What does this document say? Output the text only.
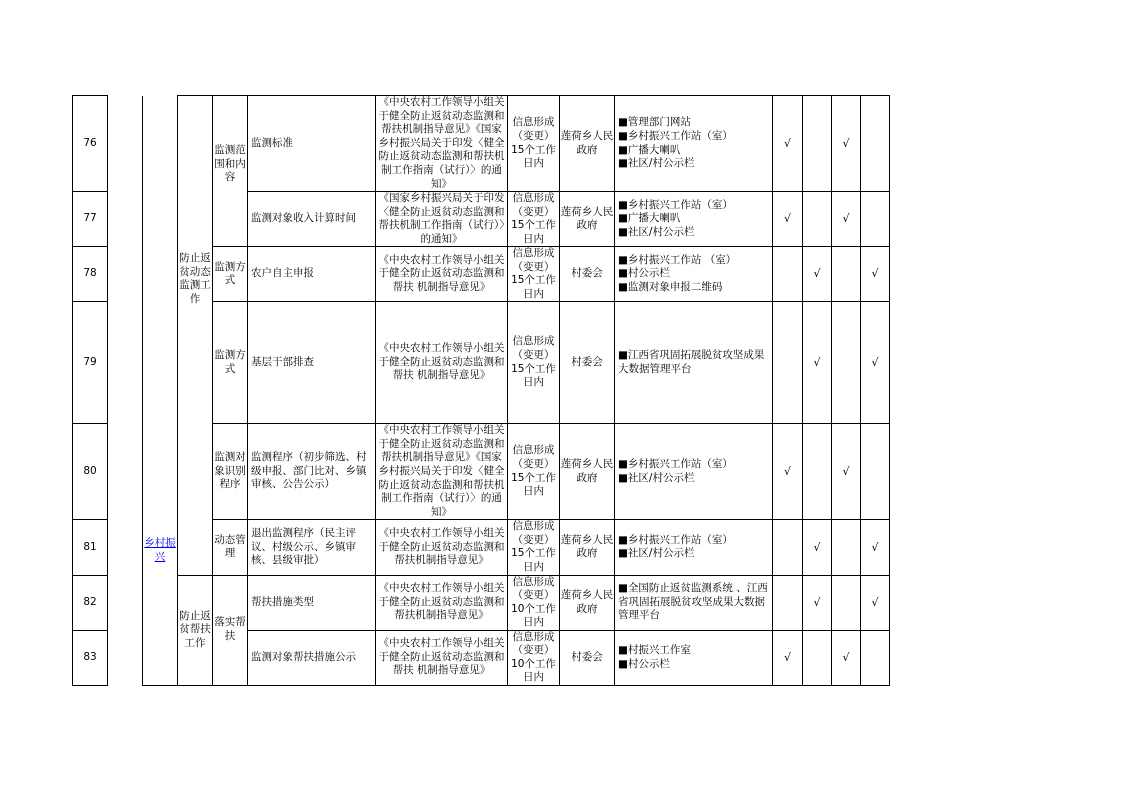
76		乡村振兴	防止返贫动态监测工作	监测范围和内容	监测标准	《中央农村工作领导小组关于健全防止返贫动态监测和帮扶机制指导意见》《国家乡村振兴局关于印发〈健全防止返贫动态监测和帮扶机制工作指南（试行）〉的通知》	信息形成（变更）15个工作日内	莲荷乡人民政府	■管理部门网站
■乡村振兴工作站（室）
■广播大喇叭
■社区/村公示栏	√		√	
77					监测对象收入计算时间	《国家乡村振兴局关于印发〈健全防止返贫动态监测和帮扶机制工作指南（试行）〉的通知》	信息形成（变更）15个工作日内	莲荷乡人民政府	■乡村振兴工作站（室）
■广播大喇叭
■社区/村公示栏	√		√	
78				监测方式	农户自主申报	《中央农村工作领导小组关于健全防止返贫动态监测和帮扶 机制指导意见》	信息形成（变更）15个工作日内	村委会	■乡村振兴工作站 （室）
■村公示栏
■监测对象申报二维码		√		√
79				监测方式	基层干部排查	《中央农村工作领导小组关于健全防止返贫动态监测和帮扶 机制指导意见》	信息形成（变更）15个工作日内	村委会	■江西省巩固拓展脱贫攻坚成果大数据管理平台		√		√
80				监测对象识别程序	监测程序（初步筛选、村级申报、部门比对、乡镇审核、公告公示）	《中央农村工作领导小组关于健全防止返贫动态监测和帮扶机制指导意见》《国家乡村振兴局关于印发〈健全防止返贫动态监测和帮扶机制工作指南（试行）〉的通知》	信息形成（变更）15个工作日内	莲荷乡人民政府	■乡村振兴工作站（室）
■社区/村公示栏	√		√	
81				动态管理	退出监测程序（民主评议、村级公示、乡镇审核、县级审批）	《中央农村工作领导小组关于健全防止返贫动态监测和帮扶机制指导意见》	信息形成（变更）15个工作日内	莲荷乡人民政府	■乡村振兴工作站（室）
■社区/村公示栏		√		√
82			防止返贫帮扶工作	落实帮扶	帮扶措施类型	《中央农村工作领导小组关于健全防止返贫动态监测和帮扶机制指导意见》	信息形成（变更）10个工作日内	莲荷乡人民政府	■全国防止返贫监测系统 、江西省巩固拓展脱贫攻坚成果大数据管理平台		√		√
83					监测对象帮扶措施公示	《中央农村工作领导小组关于健全防止返贫动态监测和帮扶 机制指导意见》	信息形成（变更）10个工作日内	村委会	■村振兴工作室
■村公示栏	√		√	
